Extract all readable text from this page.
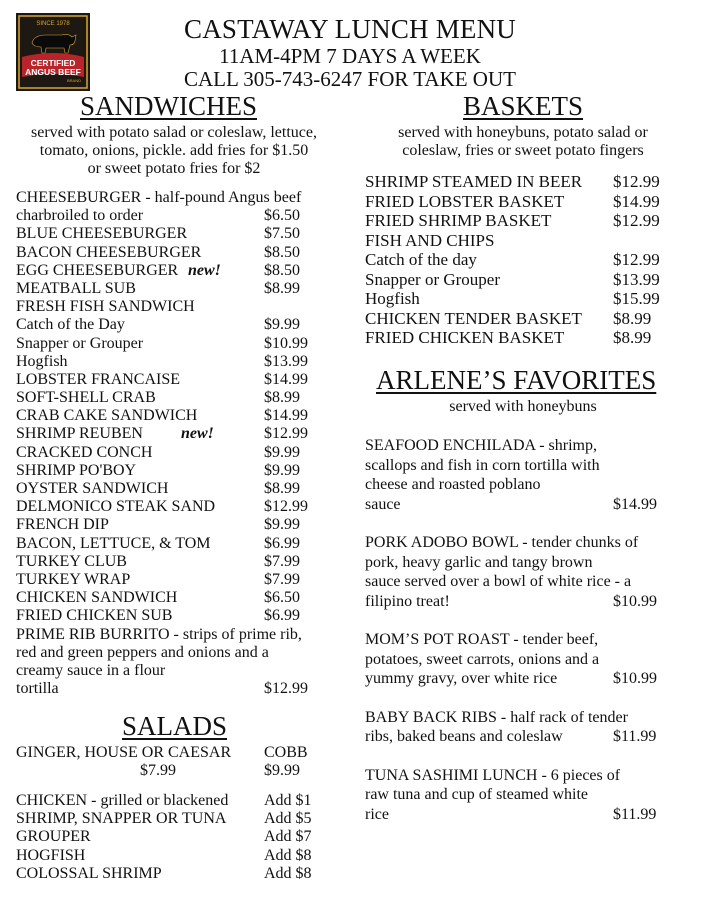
SINCE 1978
CERTIFIED
ANGUS BEEF
BRAND
CASTAWAY LUNCH MENU
11AM-4PM 7 DAYS A WEEK
CALL 305-743-6247 FOR TAKE OUT
SANDWICHES
served with potato salad or coleslaw, lettuce,
tomato, onions, pickle. add fries for $1.50
or sweet potato fries for $2
CHEESEBURGER - half-pound Angus beef
charbroiled to order	$6.50
BLUE CHEESEBURGER	$7.50
BACON CHEESEBURGER	$8.50
EGG CHEESEBURGER new!	$8.50
MEATBALL SUB	$8.99
FRESH FISH SANDWICH
Catch of the Day	$9.99
Snapper or Grouper	$10.99
Hogfish	$13.99
LOBSTER FRANCAISE	$14.99
SOFT-SHELL CRAB	$8.99
CRAB CAKE SANDWICH	$14.99
SHRIMP REUBEN new!	$12.99
CRACKED CONCH	$9.99
SHRIMP PO'BOY	$9.99
OYSTER SANDWICH	$8.99
DELMONICO STEAK SAND	$12.99
FRENCH DIP	$9.99
BACON, LETTUCE, & TOM	$6.99
TURKEY CLUB	$7.99
TURKEY WRAP	$7.99
CHICKEN SANDWICH	$6.50
FRIED CHICKEN SUB	$6.99
PRIME RIB BURRITO - strips of prime rib,
red and green peppers and onions and a
creamy sauce in a flour
tortilla	$12.99
SALADS
GINGER, HOUSE OR CAESAR COBB
$7.99	$9.99
CHICKEN - grilled or blackened Add $1
SHRIMP, SNAPPER OR TUNA Add $5
GROUPER	Add $7
HOGFISH	Add $8
COLOSSAL SHRIMP	Add $8
BASKETS
served with honeybuns, potato salad or
coleslaw, fries or sweet potato fingers
SHRIMP STEAMED IN BEER $12.99
FRIED LOBSTER BASKET	$14.99
FRIED SHRIMP BASKET	$12.99
FISH AND CHIPS
Catch of the day	$12.99
Snapper or Grouper	$13.99
Hogfish	$15.99
CHICKEN TENDER BASKET $8.99
FRIED CHICKEN BASKET	$8.99
ARLENE’S FAVORITES
served with honeybuns
SEAFOOD ENCHILADA - shrimp,
scallops and fish in corn tortilla with
cheese and roasted poblano
sauce	$14.99
PORK ADOBO BOWL - tender chunks of
pork, heavy garlic and tangy brown
sauce served over a bowl of white rice - a
filipino treat!	$10.99
MOM’S POT ROAST - tender beef,
potatoes, sweet carrots, onions and a
yummy gravy, over white rice	$10.99
BABY BACK RIBS - half rack of tender
ribs, baked beans and coleslaw	$11.99
TUNA SASHIMI LUNCH - 6 pieces of
raw tuna and cup of steamed white
rice	$11.99
